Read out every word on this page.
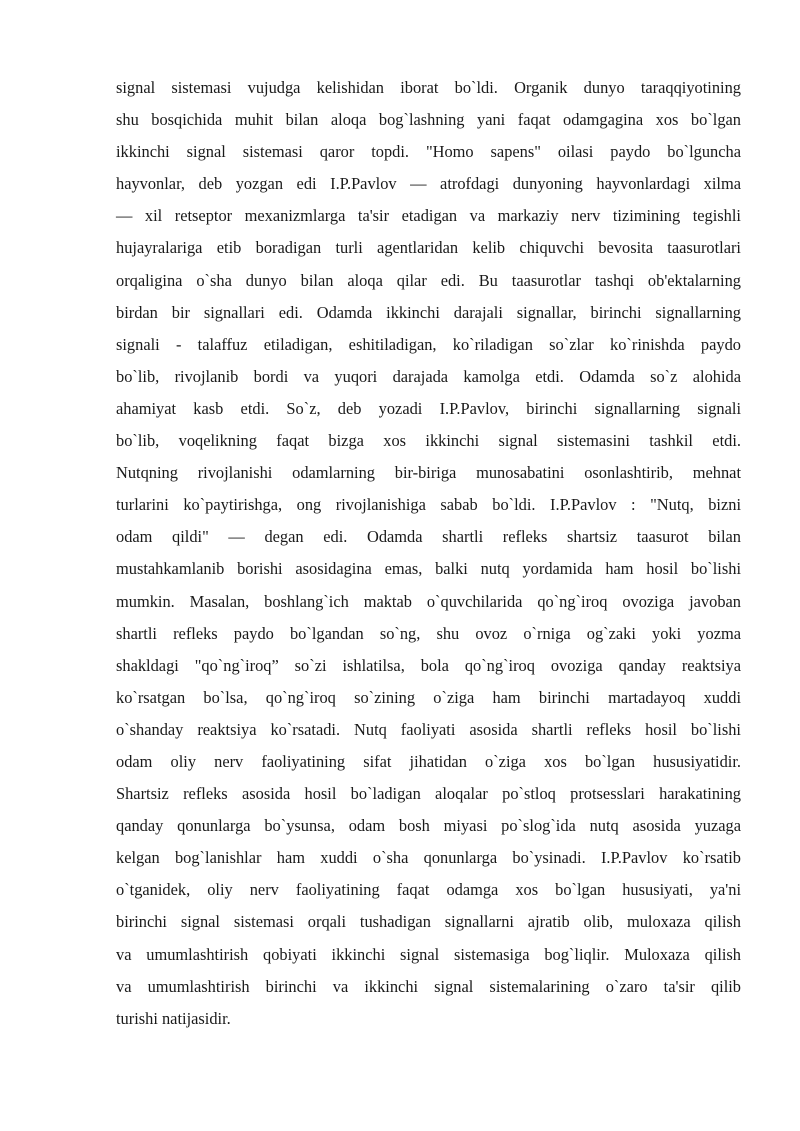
signal sistemasi vujudga kelishidan iborat bo`ldi. Organik dunyo taraqqiyotining
shu bosqichida muhit bilan aloqa bog`lashning yani faqat odamgagina xos bo`lgan
ikkinchi signal sistemasi qaror topdi. "Homo sapens" oilasi paydo bo`lguncha
hayvonlar, deb yozgan edi I.P.Pavlov — atrofdagi dunyoning hayvonlardagi xilma
— xil retseptor mexanizmlarga ta'sir etadigan va markaziy nerv tizimining tegishli
hujayralariga etib boradigan turli agentlaridan kelib chiquvchi bevosita taasurotlari
orqaligina o`sha dunyo bilan aloqa qilar edi. Bu taasurotlar tashqi ob'ektalarning
birdan bir signallari edi. Odamda ikkinchi darajali signallar, birinchi signallarning
signali - talaffuz etiladigan, eshitiladigan, ko`riladigan so`zlar ko`rinishda paydo
bo`lib, rivojlanib bordi va yuqori darajada kamolga etdi. Odamda so`z alohida
ahamiyat kasb etdi. So`z, deb yozadi I.P.Pavlov, birinchi signallarning signali
bo`lib, voqelikning faqat bizga xos ikkinchi signal sistemasini tashkil etdi.
Nutqning rivojlanishi odamlarning bir-biriga munosabatini osonlashtirib, mehnat
turlarini ko`paytirishga, ong rivojlanishiga sabab bo`ldi. I.P.Pavlov : "Nutq, bizni
odam qildi" — degan edi. Odamda shartli refleks shartsiz taasurot bilan
mustahkamlanib borishi asosidagina emas, balki nutq yordamida ham hosil bo`lishi
mumkin. Masalan, boshlang`ich maktab o`quvchilarida qo`ng`iroq ovoziga javoban
shartli refleks paydo bo`lgandan so`ng, shu ovoz o`rniga og`zaki yoki yozma
shakldagi "qo`ng`iroq” so`zi ishlatilsa, bola qo`ng`iroq ovoziga qanday reaktsiya
ko`rsatgan bo`lsa, qo`ng`iroq so`zining o`ziga ham birinchi martadayoq xuddi
o`shanday reaktsiya ko`rsatadi. Nutq faoliyati asosida shartli refleks hosil bo`lishi
odam oliy nerv faoliyatining sifat jihatidan o`ziga xos bo`lgan hususiyatidir.
Shartsiz refleks asosida hosil bo`ladigan aloqalar po`stloq protsesslari harakatining
qanday qonunlarga bo`ysunsa, odam bosh miyasi po`slog`ida nutq asosida yuzaga
kelgan bog`lanishlar ham xuddi o`sha qonunlarga bo`ysinadi. I.P.Pavlov ko`rsatib
o`tganidek, oliy nerv faoliyatining faqat odamga xos bo`lgan hususiyati, ya'ni
birinchi signal sistemasi orqali tushadigan signallarni ajratib olib, muloxaza qilish
va umumlashtirish qobiyati ikkinchi signal sistemasiga bog`liqlir. Muloxaza qilish
va umumlashtirish birinchi va ikkinchi signal sistemalarining o`zaro ta'sir qilib
turishi natijasidir.
